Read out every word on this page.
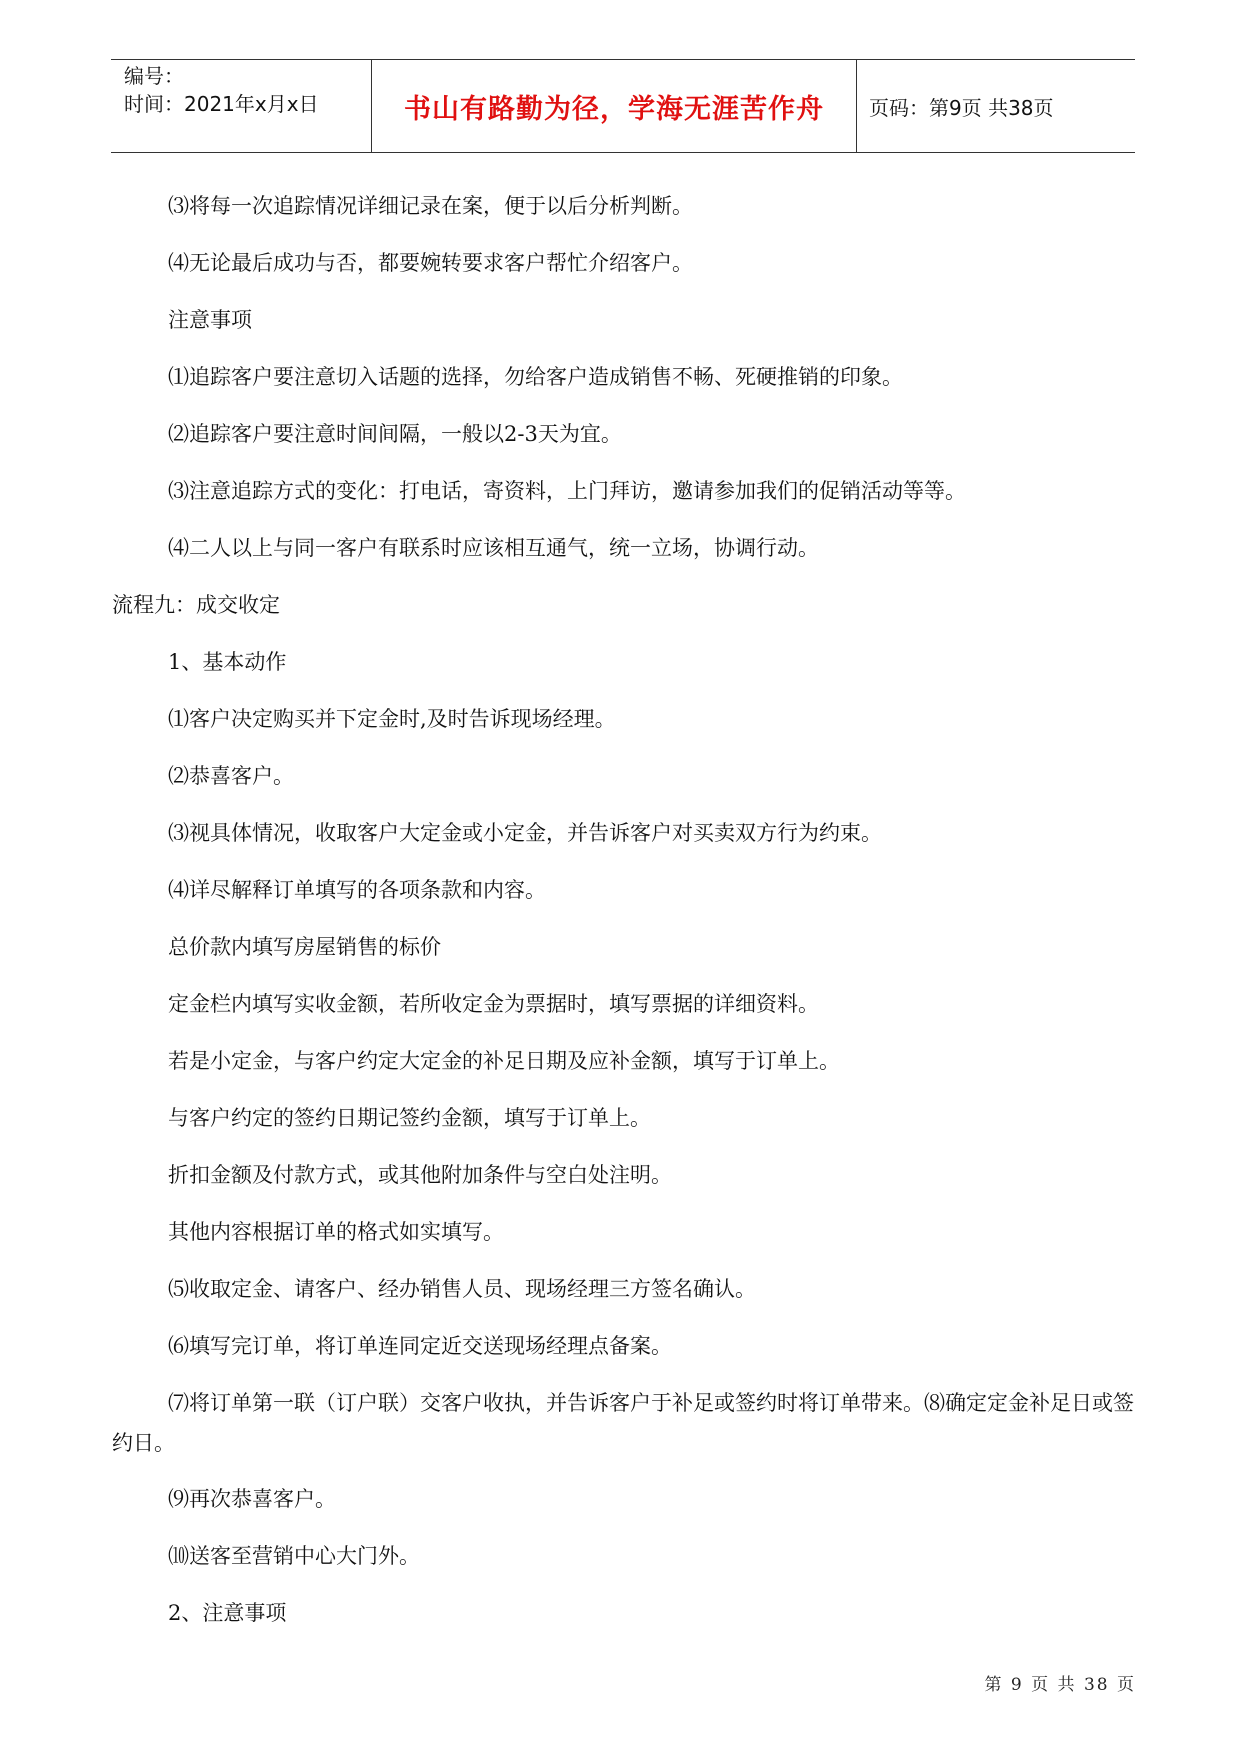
编号：
时间：2021年x月x日	书山有路勤为径，学海无涯苦作舟	页码：第9页 共38页

⑶将每一次追踪情况详细记录在案，便于以后分析判断。

⑷无论最后成功与否，都要婉转要求客户帮忙介绍客户。

注意事项

⑴追踪客户要注意切入话题的选择，勿给客户造成销售不畅、死硬推销的印象。

⑵追踪客户要注意时间间隔，一般以2-3天为宜。

⑶注意追踪方式的变化：打电话，寄资料，上门拜访，邀请参加我们的促销活动等等。

⑷二人以上与同一客户有联系时应该相互通气，统一立场，协调行动。

流程九：成交收定

1、基本动作

⑴客户决定购买并下定金时,及时告诉现场经理。

⑵恭喜客户。

⑶视具体情况，收取客户大定金或小定金，并告诉客户对买卖双方行为约束。

⑷详尽解释订单填写的各项条款和内容。

总价款内填写房屋销售的标价

定金栏内填写实收金额，若所收定金为票据时，填写票据的详细资料。

若是小定金，与客户约定大定金的补足日期及应补金额，填写于订单上。

与客户约定的签约日期记签约金额，填写于订单上。

折扣金额及付款方式，或其他附加条件与空白处注明。

其他内容根据订单的格式如实填写。

⑸收取定金、请客户、经办销售人员、现场经理三方签名确认。

⑹填写完订单，将订单连同定近交送现场经理点备案。

⑺将订单第一联（订户联）交客户收执，并告诉客户于补足或签约时将订单带来。⑻确定定金补足日或签约日。

⑼再次恭喜客户。

⑽送客至营销中心大门外。

2、注意事项

第 9 页 共 38 页
